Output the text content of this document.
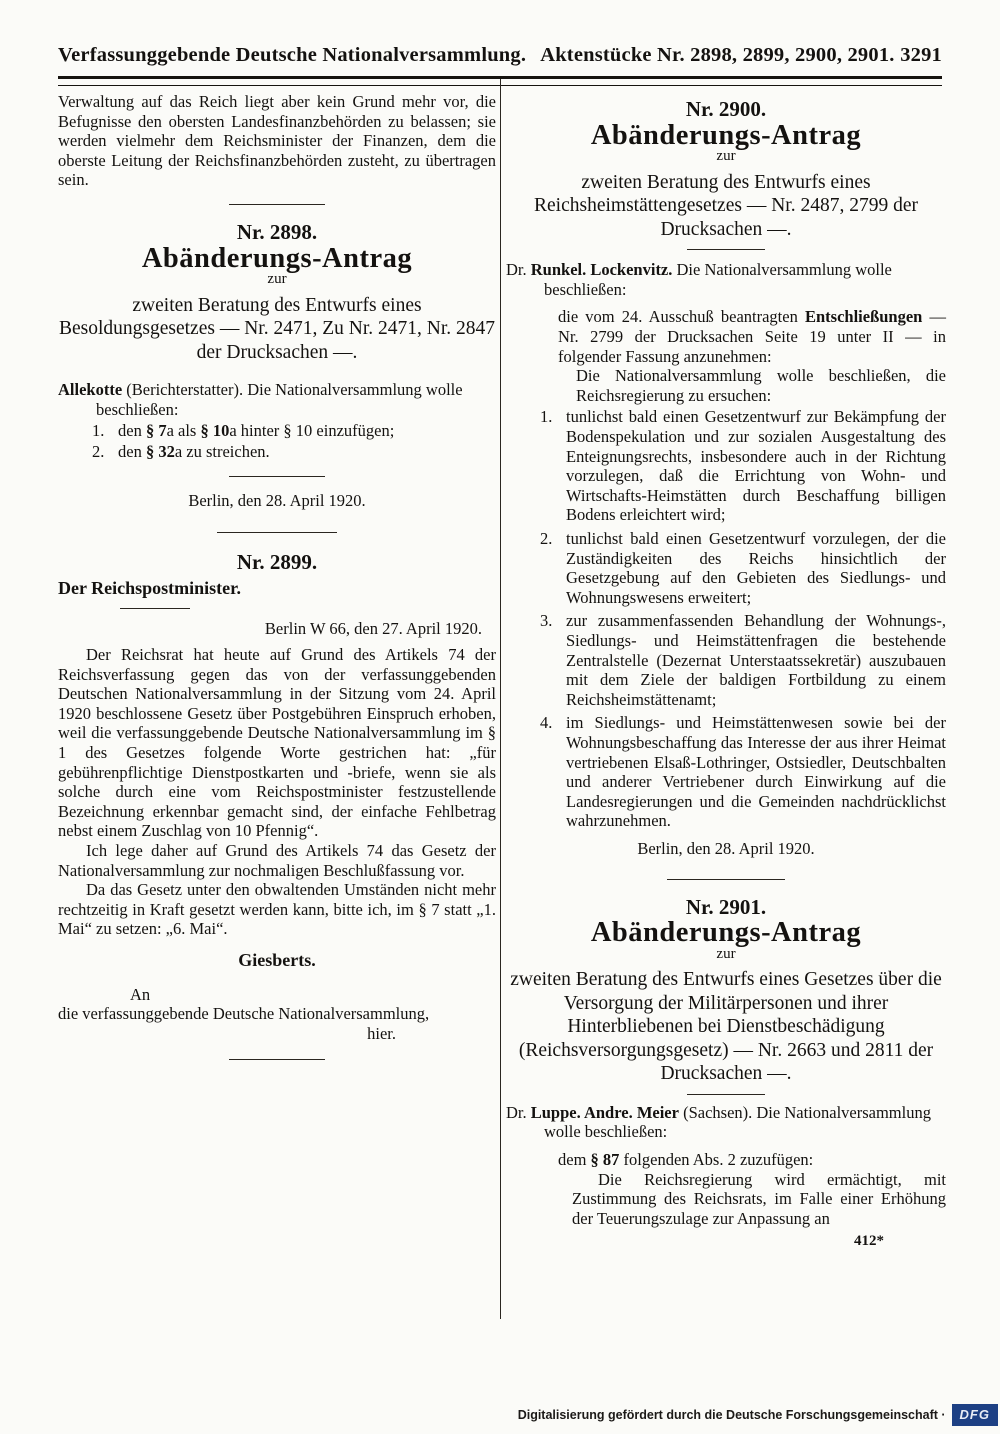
Verfassunggebende Deutsche Nationalversammlung. Aktenstücke Nr. 2898, 2899, 2900, 2901. 3291

Verwaltung auf das Reich liegt aber kein Grund mehr vor, die Befugnisse den obersten Landesfinanzbehörden zu belassen; sie werden vielmehr dem Reichsminister der Finanzen, dem die oberste Leitung der Reichsfinanzbehörden zusteht, zu übertragen sein.

Nr. 2898.

Abänderungs-Antrag

zur

zweiten Beratung des Entwurfs eines Besoldungsgesetzes — Nr. 2471, Zu Nr. 2471, Nr. 2847 der Drucksachen —.

Allekotte (Berichterstatter). Die Nationalversammlung wolle beschließen:

1. den § 7a als § 10a hinter § 10 einzufügen;
2. den § 32a zu streichen.

Berlin, den 28. April 1920.

Nr. 2899.

Der Reichspostminister.

Berlin W 66, den 27. April 1920.

Der Reichsrat hat heute auf Grund des Artikels 74 der Reichsverfassung gegen das von der verfassunggebenden Deutschen Nationalversammlung in der Sitzung vom 24. April 1920 beschlossene Gesetz über Postgebühren Einspruch erhoben, weil die verfassunggebende Deutsche Nationalversammlung im § 1 des Gesetzes folgende Worte gestrichen hat: „für gebührenpflichtige Dienstpostkarten und -briefe, wenn sie als solche durch eine vom Reichspostminister festzustellende Bezeichnung erkennbar gemacht sind, der einfache Fehlbetrag nebst einem Zuschlag von 10 Pfennig“.

Ich lege daher auf Grund des Artikels 74 das Gesetz der Nationalversammlung zur nochmaligen Beschlußfassung vor.

Da das Gesetz unter den obwaltenden Umständen nicht mehr rechtzeitig in Kraft gesetzt werden kann, bitte ich, im § 7 statt „1. Mai“ zu setzen: „6. Mai“.

Giesberts.

An

die verfassunggebende Deutsche Nationalversammlung,

hier.

Nr. 2900.

Abänderungs-Antrag

zur

zweiten Beratung des Entwurfs eines Reichsheimstättengesetzes — Nr. 2487, 2799 der Drucksachen —.

Dr. Runkel. Lockenvitz. Die Nationalversammlung wolle beschließen:

die vom 24. Ausschuß beantragten Entschließungen — Nr. 2799 der Drucksachen Seite 19 unter II — in folgender Fassung anzunehmen:

Die Nationalversammlung wolle beschließen, die Reichsregierung zu ersuchen:

1. tunlichst bald einen Gesetzentwurf zur Bekämpfung der Bodenspekulation und zur sozialen Ausgestaltung des Enteignungsrechts, insbesondere auch in der Richtung vorzulegen, daß die Errichtung von Wohn- und Wirtschafts-Heimstätten durch Beschaffung billigen Bodens erleichtert wird;
2. tunlichst bald einen Gesetzentwurf vorzulegen, der die Zuständigkeiten des Reichs hinsichtlich der Gesetzgebung auf den Gebieten des Siedlungs- und Wohnungswesens erweitert;
3. zur zusammenfassenden Behandlung der Wohnungs-, Siedlungs- und Heimstättenfragen die bestehende Zentralstelle (Dezernat Unterstaatssekretär) auszubauen mit dem Ziele der baldigen Fortbildung zu einem Reichsheimstättenamt;
4. im Siedlungs- und Heimstättenwesen sowie bei der Wohnungsbeschaffung das Interesse der aus ihrer Heimat vertriebenen Elsaß-Lothringer, Ostsiedler, Deutschbalten und anderer Vertriebener durch Einwirkung auf die Landesregierungen und die Gemeinden nachdrücklichst wahrzunehmen.

Berlin, den 28. April 1920.

Nr. 2901.

Abänderungs-Antrag

zur

zweiten Beratung des Entwurfs eines Gesetzes über die Versorgung der Militärpersonen und ihrer Hinterbliebenen bei Dienstbeschädigung (Reichsversorgungsgesetz) — Nr. 2663 und 2811 der Drucksachen —.

Dr. Luppe. Andre. Meier (Sachsen). Die Nationalversammlung wolle beschließen:

dem § 87 folgenden Abs. 2 zuzufügen:

Die Reichsregierung wird ermächtigt, mit Zustimmung des Reichsrats, im Falle einer Erhöhung der Teuerungszulage zur Anpassung an

412*

Digitalisierung gefördert durch die Deutsche Forschungsgemeinschaft ·	DFG
